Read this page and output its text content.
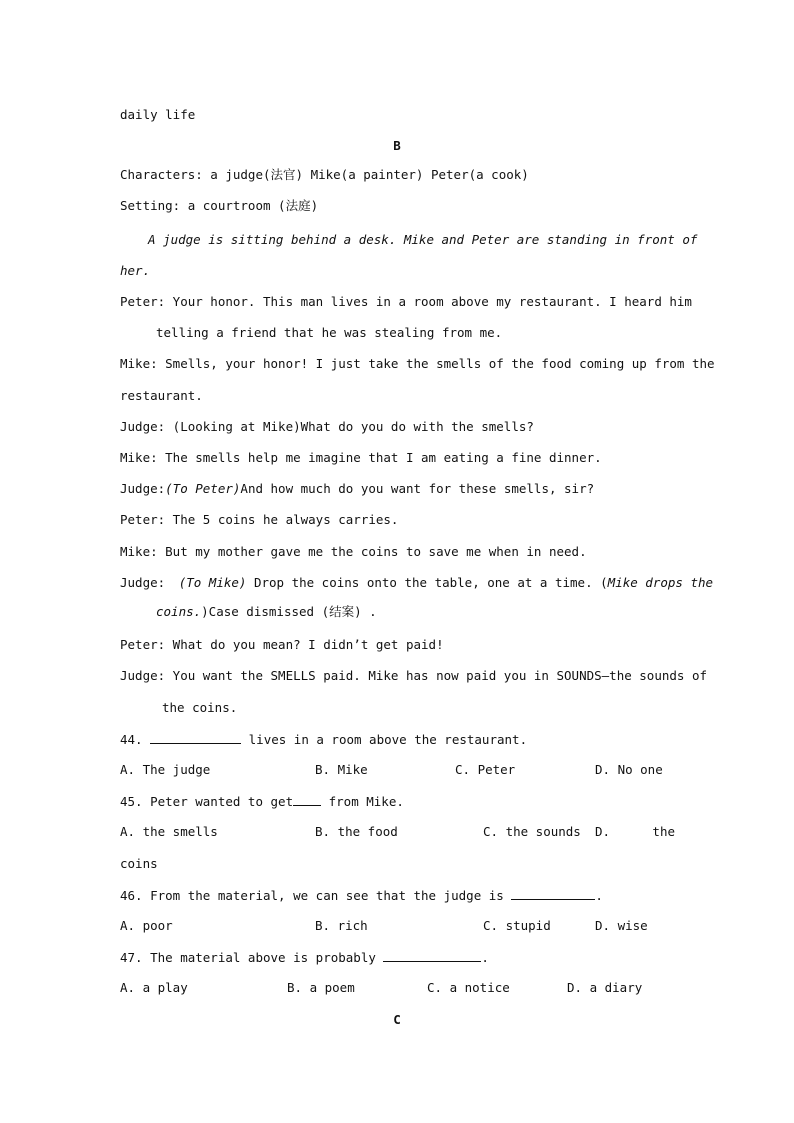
daily life
B
Characters: a judge(法官) Mike(a painter) Peter(a cook)
Setting: a courtroom (法庭)
A judge is sitting behind a desk. Mike and Peter are standing in front of
her.
Peter: Your honor. This man lives in a room above my restaurant. I heard him
telling a friend that he was stealing from me.
Mike: Smells, your honor! I just take the smells of the food coming up from the
restaurant.
Judge: (Looking at Mike)What do you do with the smells?
Mike: The smells help me imagine that I am eating a fine dinner.
Judge:(To Peter)And how much do you want for these smells, sir?
Peter: The 5 coins he always carries.
Mike: But my mother gave me the coins to save me when in need.
Judge: (To Mike) Drop the coins onto the table, one at a time. (Mike drops the
coins.)Case dismissed (结案) .
Peter: What do you mean? I didn’t get paid!
Judge: You want the SMELLS paid. Mike has now paid you in SOUNDS—the sounds of
the coins.
44.	lives in a room above the restaurant.
A. The judge	B. Mike	C. Peter	D. No one
45. Peter wanted to get	from Mike.
A. the smells	B. the food	C. the sounds D. the
coins
46. From the material, we can see that the judge is	.
A. poor	B. rich	C. stupid	D. wise
47. The material above is probably	.
A. a play	B. a poem	C. a notice	D. a diary
C
